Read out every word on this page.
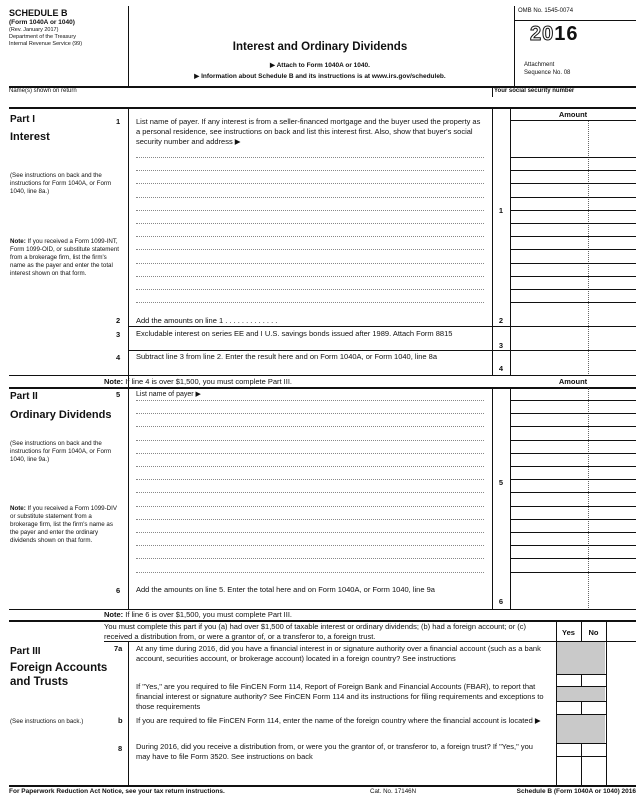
SCHEDULE B
(Form 1040A or 1040)
(Rev. January 2017)
Department of the Treasury
Internal Revenue Service (99)	Interest and Ordinary Dividends
▶ Attach to Form 1040A or 1040.
▶ Information about Schedule B and its instructions is at www.irs.gov/scheduleb.
OMB No. 1545-0074
2016
Attachment
Sequence No. 08
Name(s) shown on return	Your social security number
Part I
Interest
(See instructions on back and the instructions for Form 1040A, or Form 1040, line 8a.)
Note: If you received a Form 1099-INT, Form 1099-OID, or substitute statement from a brokerage firm, list the firm's name as the payer and enter the total interest shown on that form.
Amount
1 List name of payer. If any interest is from a seller-financed mortgage and the buyer used the property as a personal residence, see instructions on back and list this interest first. Also, show that buyer's social security number and address ▶
1
2 Add the amounts on line 1 . .	2
3 Excludable interest on series EE and I U.S. savings bonds issued after 1989. Attach Form 8815
3
4 Subtract line 3 from line 2. Enter the result here and on Form 1040A, or Form 1040, line 8a
4
Note: If line 4 is over $1,500, you must complete Part III.	Amount
Part II
Ordinary Dividends
(See instructions on back and the instructions for Form 1040A, or Form 1040, line 9a.)
Note: If you received a Form 1099-DIV or substitute statement from a brokerage firm, list the firm's name as the payer and enter the ordinary dividends shown on that form.
5 List name of payer ▶
5
6 Add the amounts on line 5. Enter the total here and on Form 1040A, or Form 1040, line 9a
6
Note: If line 6 is over $1,500, you must complete Part III.
You must complete this part if you (a) had over $1,500 of taxable interest or ordinary dividends; (b) had a foreign account; or (c) received a distribution from, or were a grantor of, or a transferor to, a foreign trust.	Yes	No
Part III
Foreign Accounts and Trusts
(See instructions on back.)
7a At any time during 2016, did you have a financial interest in or signature authority over a financial account (such as a bank account, securities account, or brokerage account) located in a foreign country? See instructions
If "Yes," are you required to file FinCEN Form 114, Report of Foreign Bank and Financial Accounts (FBAR), to report that financial interest or signature authority? See FinCEN Form 114 and its instructions for filing requirements and exceptions to those requirements
b If you are required to file FinCEN Form 114, enter the name of the foreign country where the financial account is located ▶
8 During 2016, did you receive a distribution from, or were you the grantor of, or transferor to, a foreign trust? If "Yes," you may have to file Form 3520. See instructions on back
For Paperwork Reduction Act Notice, see your tax return instructions.	Cat. No. 17146N	Schedule B (Form 1040A or 1040) 2016
